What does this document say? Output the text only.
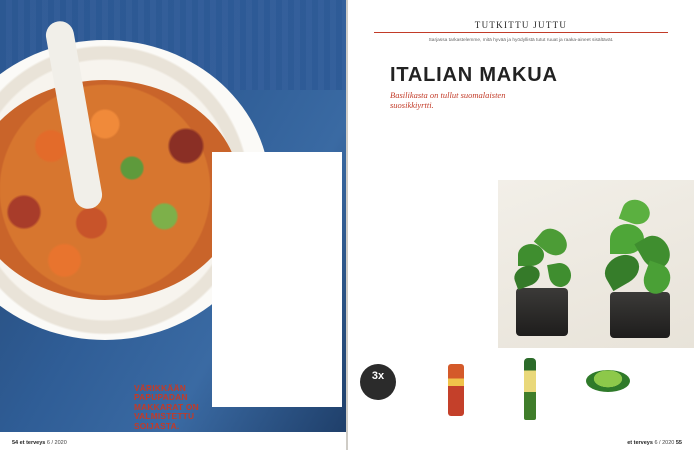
VÄRIKKÄÄN PAPUPADAN MAKKARAT ON VALMISTETTU SOIJASTA.
54 et terveys 6 / 2020
TUTKITTU JUTTU
Sarjassa tarkastelemme, mitä hyvää ja hyödyllistä tutut ruuat ja raaka-aineet sisältävät.
ITALIAN MAKUA
Basilikasta on tullut suomalaisten suosikkiyrtti.
3x

et terveys 6 / 2020 55
